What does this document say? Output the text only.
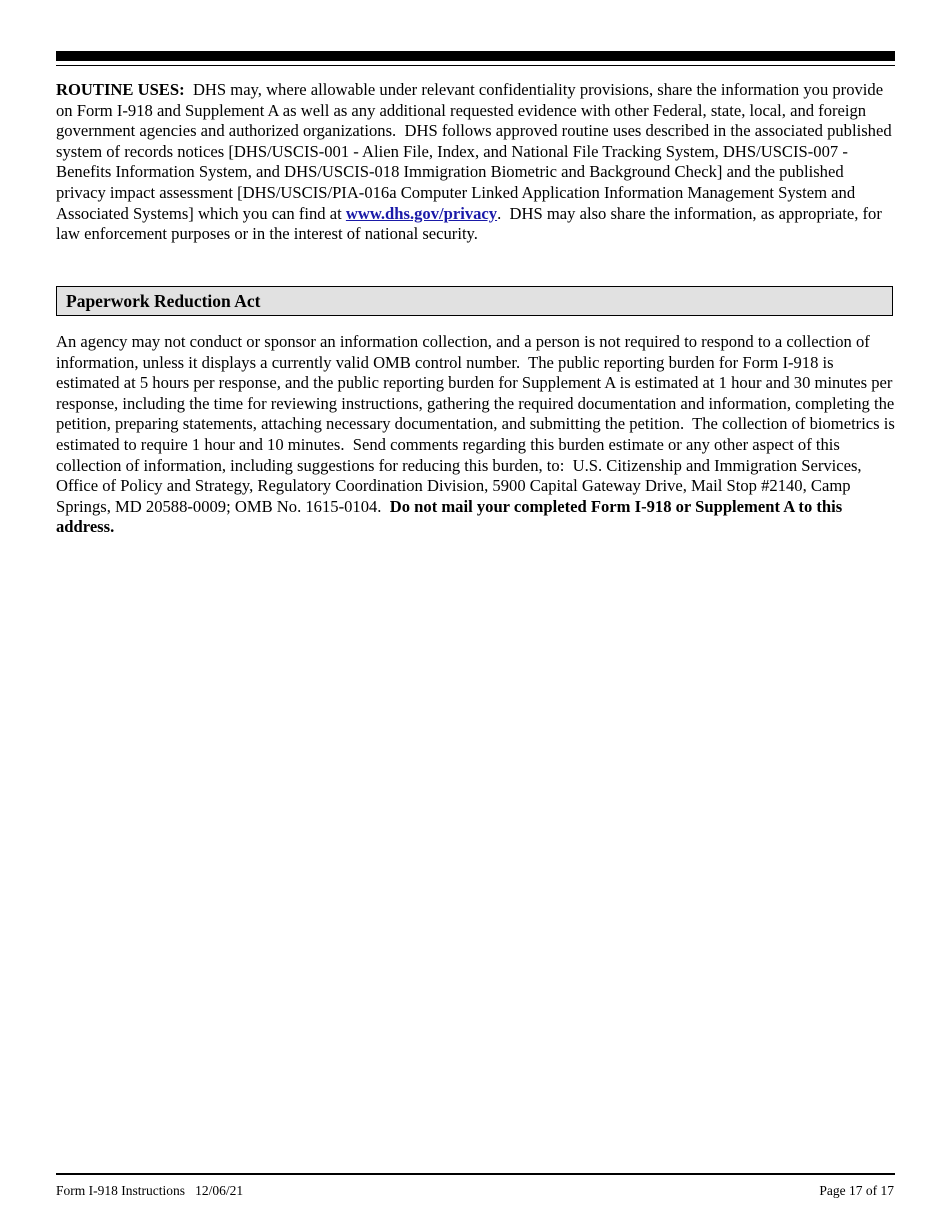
ROUTINE USES:  DHS may, where allowable under relevant confidentiality provisions, share the information you provide on Form I-918 and Supplement A as well as any additional requested evidence with other Federal, state, local, and foreign government agencies and authorized organizations.  DHS follows approved routine uses described in the associated published system of records notices [DHS/USCIS-001 - Alien File, Index, and National File Tracking System, DHS/USCIS-007 - Benefits Information System, and DHS/USCIS-018 Immigration Biometric and Background Check] and the published privacy impact assessment [DHS/USCIS/PIA-016a Computer Linked Application Information Management System and Associated Systems] which you can find at www.dhs.gov/privacy.  DHS may also share the information, as appropriate, for law enforcement purposes or in the interest of national security.

Paperwork Reduction Act

An agency may not conduct or sponsor an information collection, and a person is not required to respond to a collection of information, unless it displays a currently valid OMB control number.  The public reporting burden for Form I-918 is estimated at 5 hours per response, and the public reporting burden for Supplement A is estimated at 1 hour and 30 minutes per response, including the time for reviewing instructions, gathering the required documentation and information, completing the petition, preparing statements, attaching necessary documentation, and submitting the petition.  The collection of biometrics is estimated to require 1 hour and 10 minutes.  Send comments regarding this burden estimate or any other aspect of this collection of information, including suggestions for reducing this burden, to:  U.S. Citizenship and Immigration Services, Office of Policy and Strategy, Regulatory Coordination Division, 5900 Capital Gateway Drive, Mail Stop #2140, Camp Springs, MD 20588-0009; OMB No. 1615-0104.  Do not mail your completed Form I-918 or Supplement A to this address.

Form I-918 Instructions   12/06/21	Page 17 of 17
